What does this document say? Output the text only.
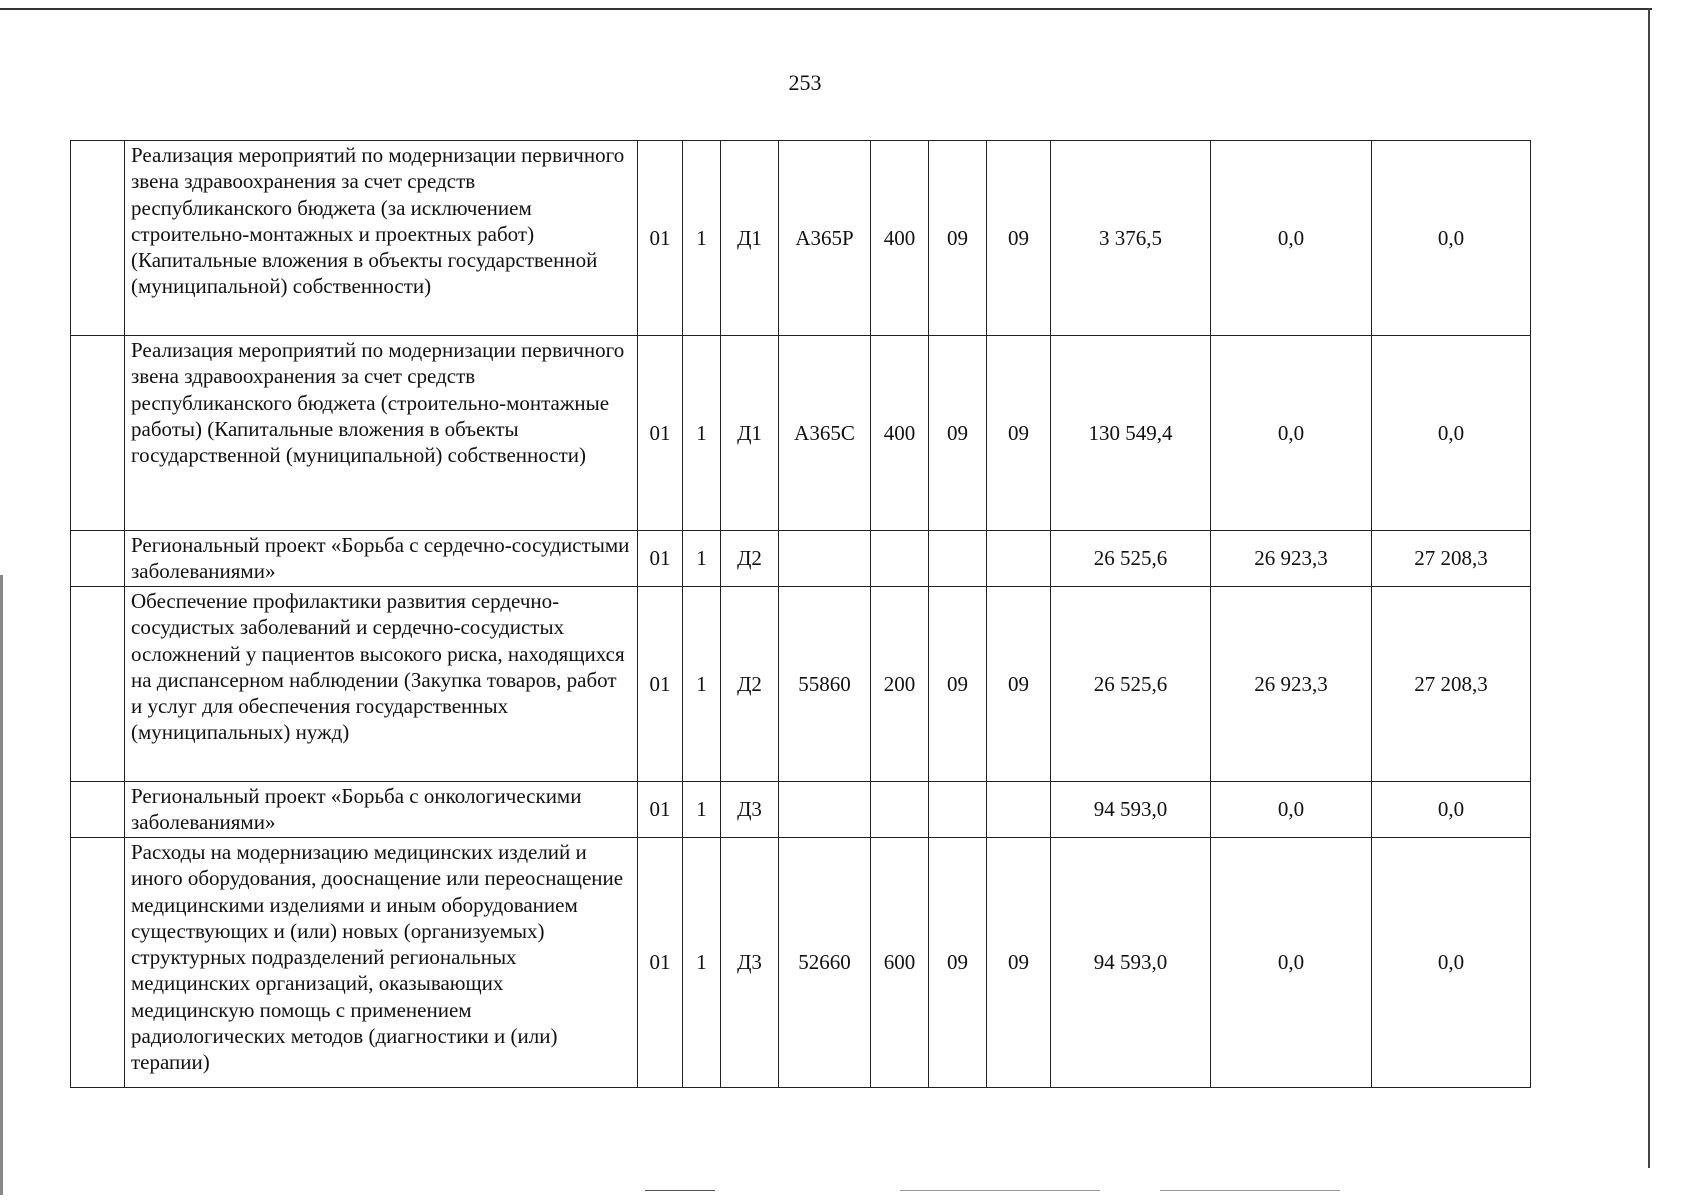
253
	Реализация мероприятий по модернизации первичного звена здравоохранения за счет средств республиканского бюджета (за исключением строительно-монтажных и проектных работ) (Капитальные вложения в объекты государственной (муниципальной) собственности)	01	1	Д1	А365Р	400	09	09	3 376,5	0,0	0,0
	Реализация мероприятий по модернизации первичного звена здравоохранения за счет средств республиканского бюджета (строительно-монтажные работы) (Капитальные вложения в объекты государственной (муниципальной) собственности)	01	1	Д1	А365С	400	09	09	130 549,4	0,0	0,0
	Региональный проект «Борьба с сердечно-сосудистыми заболеваниями»	01	1	Д2					26 525,6	26 923,3	27 208,3
	Обеспечение профилактики развития сердечно-сосудистых заболеваний и сердечно-сосудистых осложнений у пациентов высокого риска, находящихся на диспансерном наблюдении (Закупка товаров, работ и услуг для обеспечения государственных (муниципальных) нужд)	01	1	Д2	55860	200	09	09	26 525,6	26 923,3	27 208,3
	Региональный проект «Борьба с онкологическими заболеваниями»	01	1	Д3					94 593,0	0,0	0,0
	Расходы на модернизацию медицинских изделий и иного оборудования, дооснащение или переоснащение медицинскими изделиями и иным оборудованием существующих и (или) новых (организуемых) структурных подразделений региональных медицинских организаций, оказывающих медицинскую помощь с применением радиологических методов (диагностики и (или) терапии)	01	1	Д3	52660	600	09	09	94 593,0	0,0	0,0
